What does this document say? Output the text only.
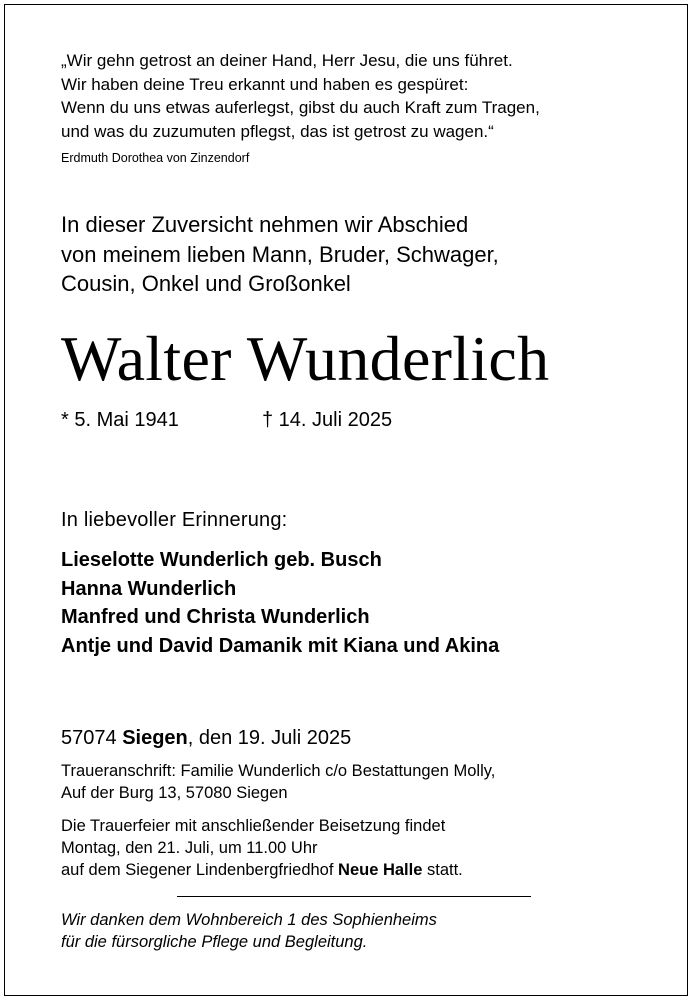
„Wir gehn getrost an deiner Hand, Herr Jesu, die uns führet.
Wir haben deine Treu erkannt und haben es gespüret:
Wenn du uns etwas auferlegst, gibst du auch Kraft zum Tragen,
und was du zuzumuten pflegst, das ist getrost zu wagen.“
Erdmuth Dorothea von Zinzendorf
In dieser Zuversicht nehmen wir Abschied
von meinem lieben Mann, Bruder, Schwager,
Cousin, Onkel und Großonkel
Walter Wunderlich
* 5. Mai 1941	† 14. Juli 2025
In liebevoller Erinnerung:
Lieselotte Wunderlich geb. Busch
Hanna Wunderlich
Manfred und Christa Wunderlich
Antje und David Damanik mit Kiana und Akina
57074 Siegen, den 19. Juli 2025
Traueranschrift: Familie Wunderlich c/o Bestattungen Molly,
Auf der Burg 13, 57080 Siegen
Die Trauerfeier mit anschließender Beisetzung findet
Montag, den 21. Juli, um 11.00 Uhr
auf dem Siegener Lindenbergfriedhof Neue Halle statt.
Wir danken dem Wohnbereich 1 des Sophienheims
für die fürsorgliche Pflege und Begleitung.
